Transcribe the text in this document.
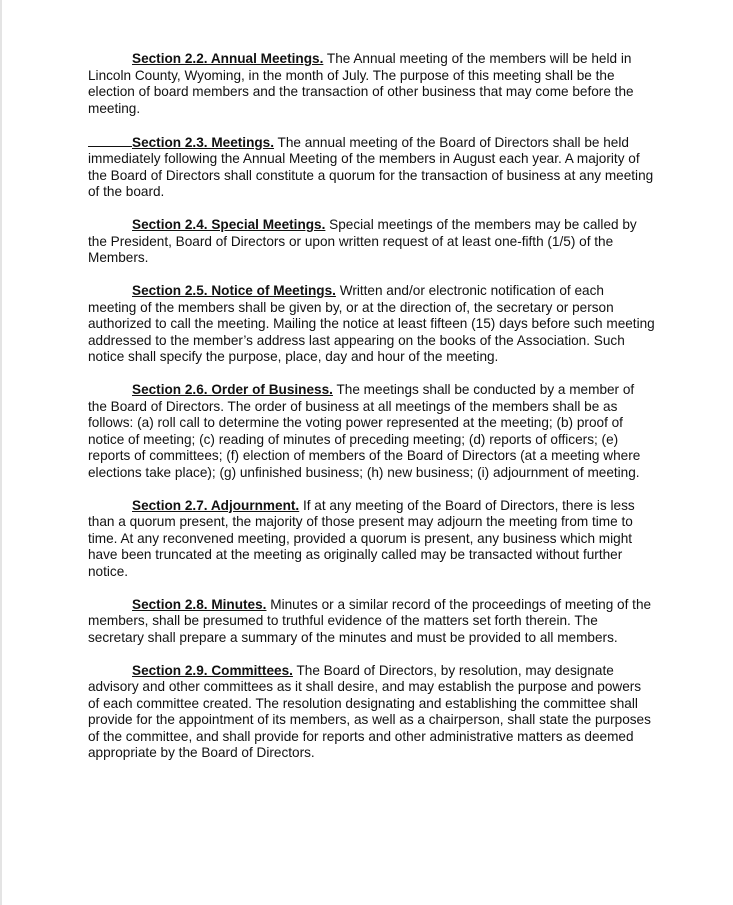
Section 2.2. Annual Meetings. The Annual meeting of the members will be held in Lincoln County, Wyoming, in the month of July. The purpose of this meeting shall be the election of board members and the transaction of other business that may come before the meeting.

Section 2.3. Meetings. The annual meeting of the Board of Directors shall be held immediately following the Annual Meeting of the members in August each year. A majority of the Board of Directors shall constitute a quorum for the transaction of business at any meeting of the board.

Section 2.4. Special Meetings. Special meetings of the members may be called by the President, Board of Directors or upon written request of at least one-fifth (1/5) of the Members.

Section 2.5. Notice of Meetings. Written and/or electronic notification of each meeting of the members shall be given by, or at the direction of, the secretary or person authorized to call the meeting. Mailing the notice at least fifteen (15) days before such meeting addressed to the member’s address last appearing on the books of the Association. Such notice shall specify the purpose, place, day and hour of the meeting.

Section 2.6. Order of Business. The meetings shall be conducted by a member of the Board of Directors. The order of business at all meetings of the members shall be as follows: (a) roll call to determine the voting power represented at the meeting; (b) proof of notice of meeting; (c) reading of minutes of preceding meeting; (d) reports of officers; (e) reports of committees; (f) election of members of the Board of Directors (at a meeting where elections take place); (g) unfinished business; (h) new business; (i) adjournment of meeting.

Section 2.7. Adjournment. If at any meeting of the Board of Directors, there is less than a quorum present, the majority of those present may adjourn the meeting from time to time. At any reconvened meeting, provided a quorum is present, any business which might have been truncated at the meeting as originally called may be transacted without further notice.

Section 2.8. Minutes. Minutes or a similar record of the proceedings of meeting of the members, shall be presumed to truthful evidence of the matters set forth therein. The secretary shall prepare a summary of the minutes and must be provided to all members.

Section 2.9. Committees. The Board of Directors, by resolution, may designate advisory and other committees as it shall desire, and may establish the purpose and powers of each committee created. The resolution designating and establishing the committee shall provide for the appointment of its members, as well as a chairperson, shall state the purposes of the committee, and shall provide for reports and other administrative matters as deemed appropriate by the Board of Directors.
